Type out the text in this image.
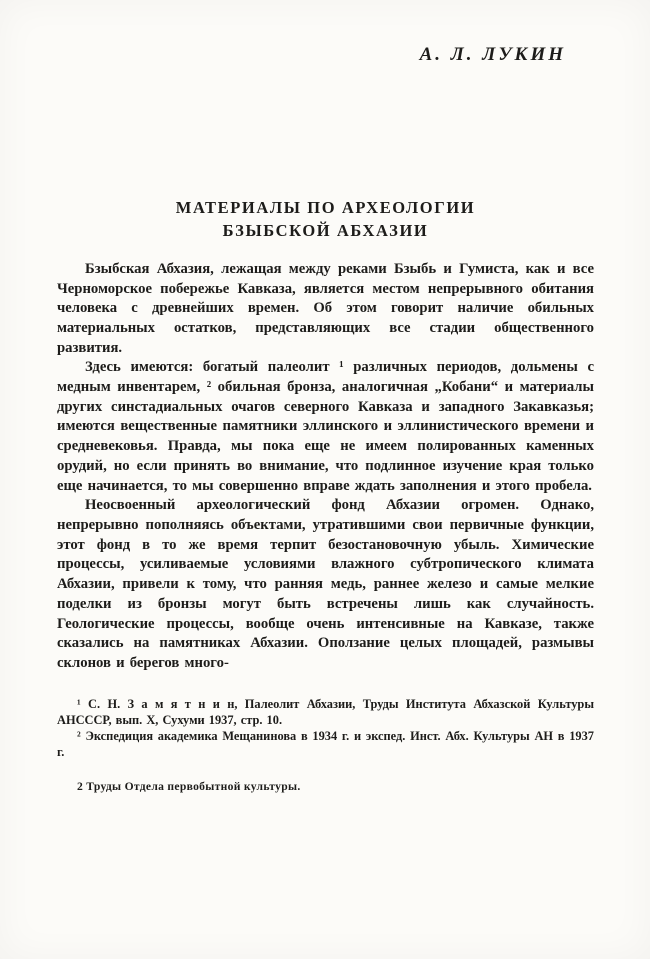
А. Л. ЛУКИН
МАТЕРИАЛЫ ПО АРХЕОЛОГИИ
БЗЫБСКОЙ АБХАЗИИ

Бзыбская Абхазия, лежащая между реками Бзыбь и Гумиста, как и все Черноморское побережье Кавказа, является местом непрерывного обитания человека с древнейших времен. Об этом говорит наличие обильных материальных остатков, представляющих все стадии общественного развития.

Здесь имеются: богатый палеолит ¹ различных периодов, дольмены с медным инвентарем, ² обильная бронза, аналогичная „Кобани“ и материалы других синстадиальных очагов северного Кавказа и западного Закавказья; имеются вещественные памятники эллинского и эллинистического времени и средневековья. Правда, мы пока еще не имеем полированных каменных орудий, но если принять во внимание, что подлинное изучение края только еще начинается, то мы совершенно вправе ждать заполнения и этого пробела.

Неосвоенный археологический фонд Абхазии огромен. Однако, непрерывно пополняясь объектами, утратившими свои первичные функции, этот фонд в то же время терпит безостановочную убыль. Химические процессы, усиливаемые условиями влажного субтропического климата Абхазии, привели к тому, что ранняя медь, раннее железо и самые мелкие поделки из бронзы могут быть встречены лишь как случайность. Геологические процессы, вообще очень интенсивные на Кавказе, также сказались на памятниках Абхазии. Оползание целых площадей, размывы склонов и берегов много-

¹ С. Н. З а м я т н и н, Палеолит Абхазии, Труды Института Абхазской Культуры АНСССР, вып. X, Сухуми 1937, стр. 10.

² Экспедиция академика Мещанинова в 1934 г. и экспед. Инст. Абх. Культуры АН в 1937 г.

2 Труды Отдела первобытной культуры.
